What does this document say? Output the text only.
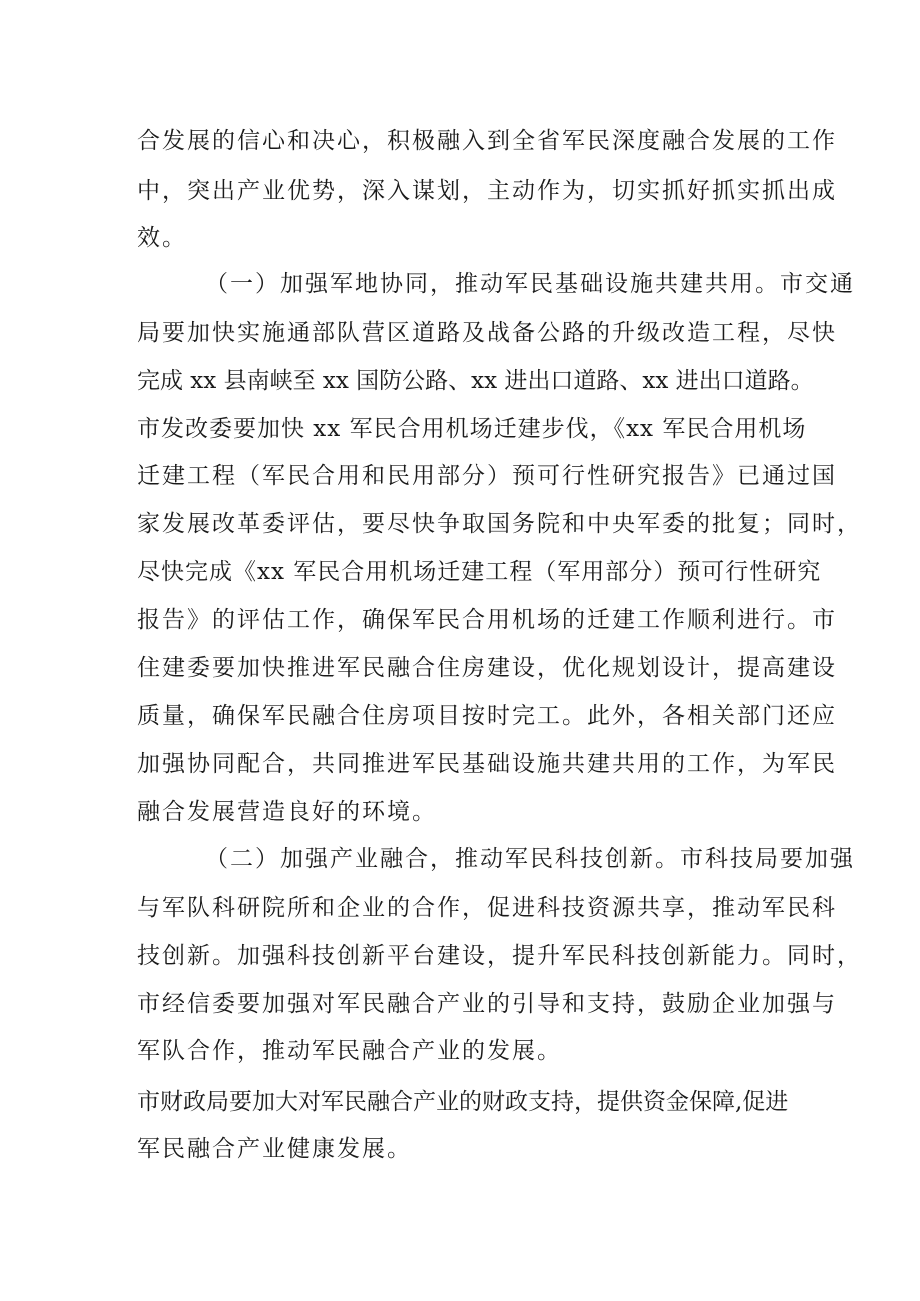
合发展的信心和决心，积极融入到全省军民深度融合发展的工作
中，突出产业优势，深入谋划，主动作为，切实抓好抓实抓出成
效。
（一）加强军地协同，推动军民基础设施共建共用。市交通
局要加快实施通部队营区道路及战备公路的升级改造工程，尽快
完成 xx 县南峡至 xx 国防公路、xx 进出口道路、xx 进出口道路。
市发改委要加快 xx 军民合用机场迁建步伐，《xx 军民合用机场
迁建工程（军民合用和民用部分）预可行性研究报告》已通过国
家发展改革委评估，要尽快争取国务院和中央军委的批复；同时，
尽快完成《xx 军民合用机场迁建工程（军用部分）预可行性研究
报告》的评估工作，确保军民合用机场的迁建工作顺利进行。市
住建委要加快推进军民融合住房建设，优化规划设计，提高建设
质量，确保军民融合住房项目按时完工。此外，各相关部门还应
加强协同配合，共同推进军民基础设施共建共用的工作，为军民
融合发展营造良好的环境。
（二）加强产业融合，推动军民科技创新。市科技局要加强
与军队科研院所和企业的合作，促进科技资源共享，推动军民科
技创新。加强科技创新平台建设，提升军民科技创新能力。同时，
市经信委要加强对军民融合产业的引导和支持，鼓励企业加强与
军队合作，推动军民融合产业的发展。
市财政局要加大对军民融合产业的财政支持，提供资金保障,促进
军民融合产业健康发展。
